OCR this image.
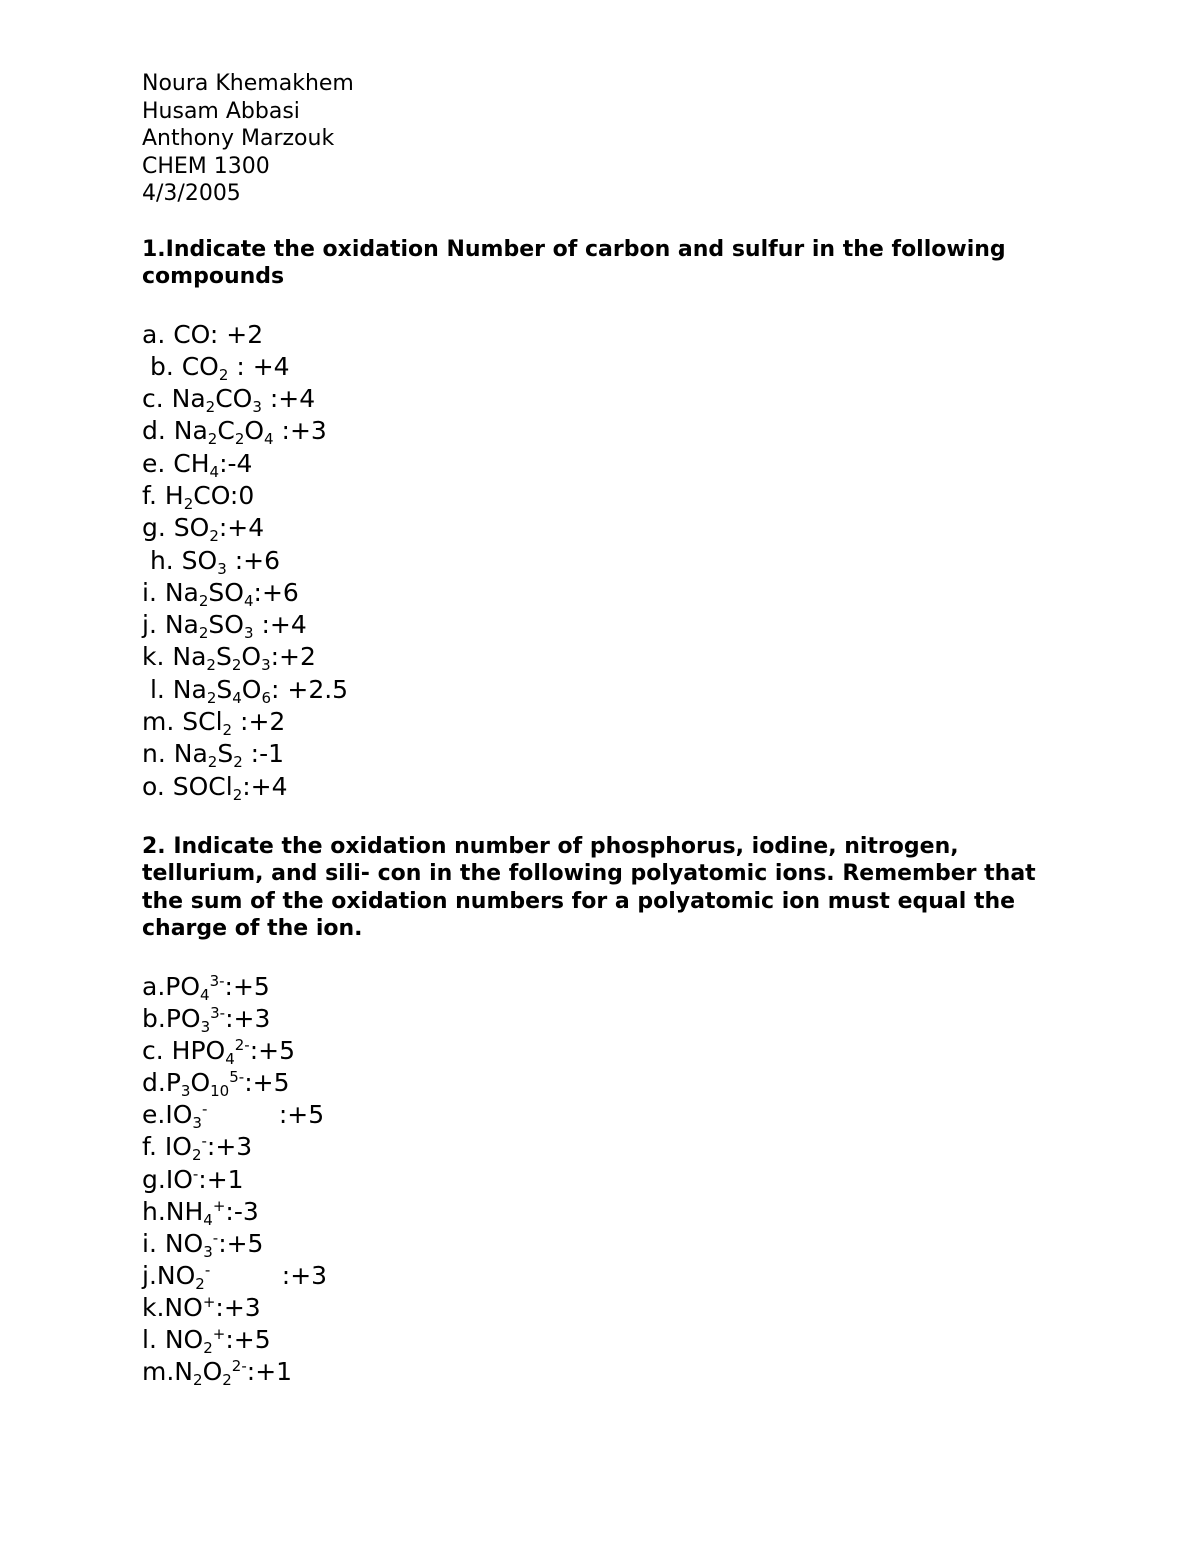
Noura Khemakhem
Husam Abbasi
Anthony Marzouk
CHEM 1300
4/3/2005
1.Indicate the oxidation Number of carbon and sulfur in the following compounds
a. CO: +2
b. $CO_2$ : +4
c. $Na_2CO_3$ :+4
d. $Na_2C_2O_4$ :+3
e. $CH_4:-4$
f. $H_2CO:0$
g. $SO_2:+4$
h. $SO_3$ :+6
i. $Na_2SO_4:+6$
j. $Na_2SO_3$ :+4
k. $Na_2S_2O_3:+2$
l. $Na_2S_4O_6$: +2.5
m. SCl$_2$ :+2
n. $Na_2S_2$ :-1
o. SOCl$_2$:+4
2. Indicate the oxidation number of phosphorus, iodine, nitrogen, tellurium, and sili- con in the following polyatomic ions. Remember that the sum of the oxidation numbers for a polyatomic ion must equal the charge of the ion.
$a.PO_4^{3-}:+5$
$b.PO_3^{3-}:+3$
c. $HPO_4^{2-}:+5$
$d.P_3O_{10}^{5-}:+5$
$e.IO_3^-$         :+5
f. $IO_2^-:+3$
g.IO-:+1
$h.NH_4^+:-3$
i. $NO_3^-:+5$
$j.NO_2^-$         :+3
k.NO+:+3
l. $NO_2^+:+5$
$m.N_2O_2^{2-}:+1$
